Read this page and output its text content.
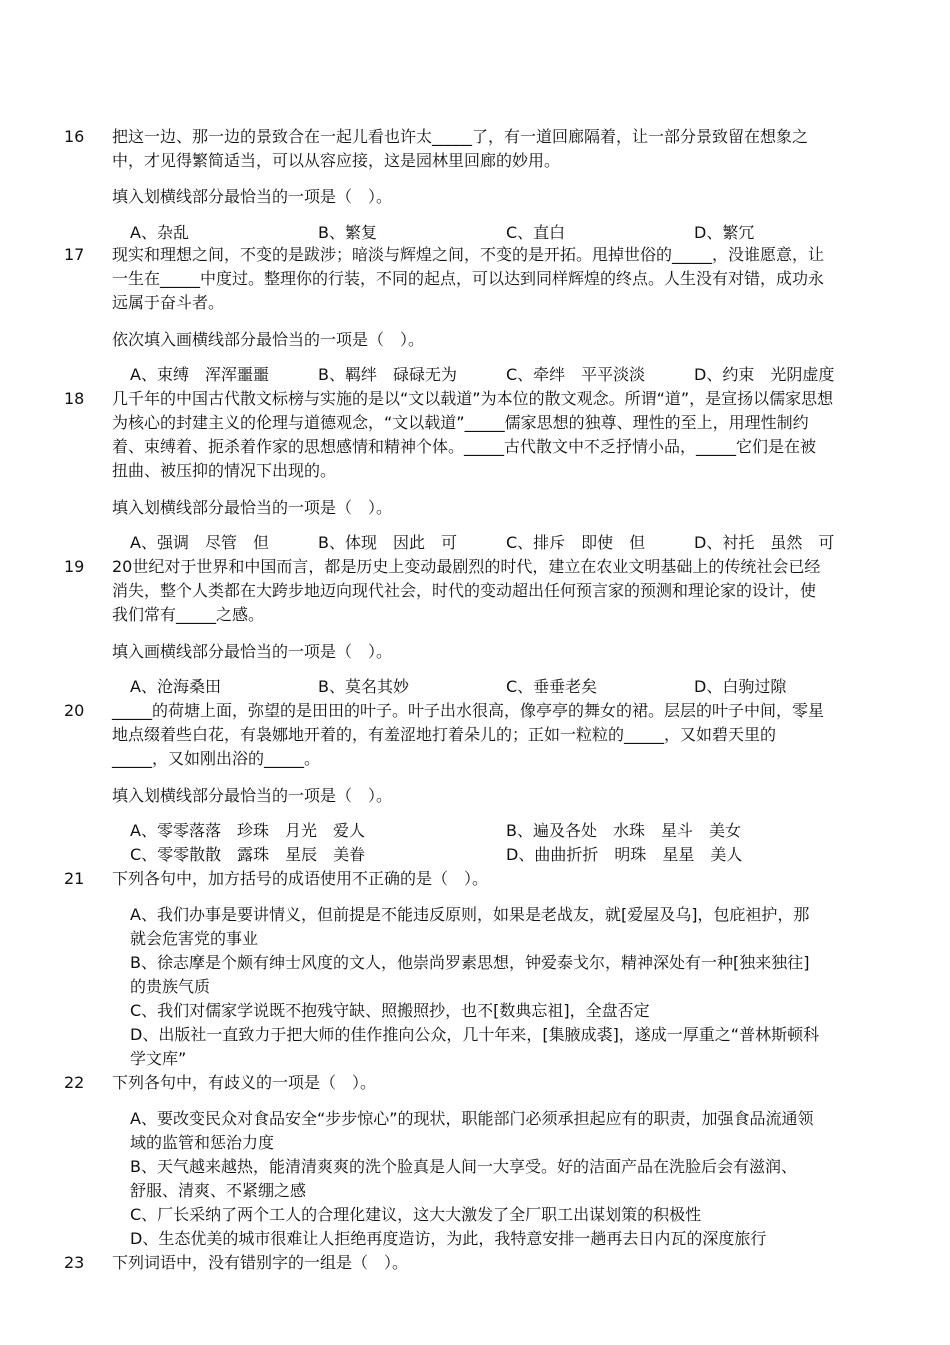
16 把这一边、那一边的景致合在一起儿看也许太_____了，有一道回廊隔着，让一部分景致留在想象之
中，才见得繁简适当，可以从容应接，这是园林里回廊的妙用。
填入划横线部分最恰当的一项是（　）。
A、杂乱	B、繁复	C、直白	D、繁冗
17 现实和理想之间，不变的是跋涉；暗淡与辉煌之间，不变的是开拓。甩掉世俗的_____，没谁愿意，让
一生在_____中度过。整理你的行装，不同的起点，可以达到同样辉煌的终点。人生没有对错，成功永
远属于奋斗者。
依次填入画横线部分最恰当的一项是（　）。
A、束缚　浑浑噩噩	B、羁绊　碌碌无为	C、牵绊　平平淡淡	D、约束　光阴虚度
18 几千年的中国古代散文标榜与实施的是以“文以载道”为本位的散文观念。所谓“道”，是宣扬以儒家思想
为核心的封建主义的伦理与道德观念，“文以载道”_____儒家思想的独尊、理性的至上，用理性制约
着、束缚着、扼杀着作家的思想感情和精神个体。_____古代散文中不乏抒情小品，_____它们是在被
扭曲、被压抑的情况下出现的。
填入划横线部分最恰当的一项是（　）。
A、强调　尽管　但	B、体现　因此　可	C、排斥　即使　但	D、衬托　虽然　可
19 20世纪对于世界和中国而言，都是历史上变动最剧烈的时代，建立在农业文明基础上的传统社会已经
消失，整个人类都在大跨步地迈向现代社会，时代的变动超出任何预言家的预测和理论家的设计，使
我们常有_____之感。
填入画横线部分最恰当的一项是（　）。
A、沧海桑田	B、莫名其妙	C、垂垂老矣	D、白驹过隙
20 _____的荷塘上面，弥望的是田田的叶子。叶子出水很高，像亭亭的舞女的裙。层层的叶子中间，零星
地点缀着些白花，有袅娜地开着的，有羞涩地打着朵儿的；正如一粒粒的_____，又如碧天里的
_____，又如刚出浴的_____。
填入划横线部分最恰当的一项是（　）。
A、零零落落　珍珠　月光　爱人	B、遍及各处　水珠　星斗　美女
C、零零散散　露珠　星辰　美眷	D、曲曲折折　明珠　星星　美人
21 下列各句中，加方括号的成语使用不正确的是（　）。
A、我们办事是要讲情义，但前提是不能违反原则，如果是老战友，就[爱屋及乌]，包庇袒护，那
就会危害党的事业
B、徐志摩是个颇有绅士风度的文人，他崇尚罗素思想，钟爱泰戈尔，精神深处有一种[独来独往]
的贵族气质
C、我们对儒家学说既不抱残守缺、照搬照抄，也不[数典忘祖]，全盘否定
D、出版社一直致力于把大师的佳作推向公众，几十年来，[集腋成裘]，遂成一厚重之“普林斯顿科
学文库”
22 下列各句中，有歧义的一项是（　）。
A、要改变民众对食品安全“步步惊心”的现状，职能部门必须承担起应有的职责，加强食品流通领
域的监管和惩治力度
B、天气越来越热，能清清爽爽的洗个脸真是人间一大享受。好的洁面产品在洗脸后会有滋润、
舒服、清爽、不紧绷之感
C、厂长采纳了两个工人的合理化建议，这大大激发了全厂职工出谋划策的积极性
D、生态优美的城市很难让人拒绝再度造访，为此，我特意安排一趟再去日内瓦的深度旅行
23 下列词语中，没有错别字的一组是（　）。
